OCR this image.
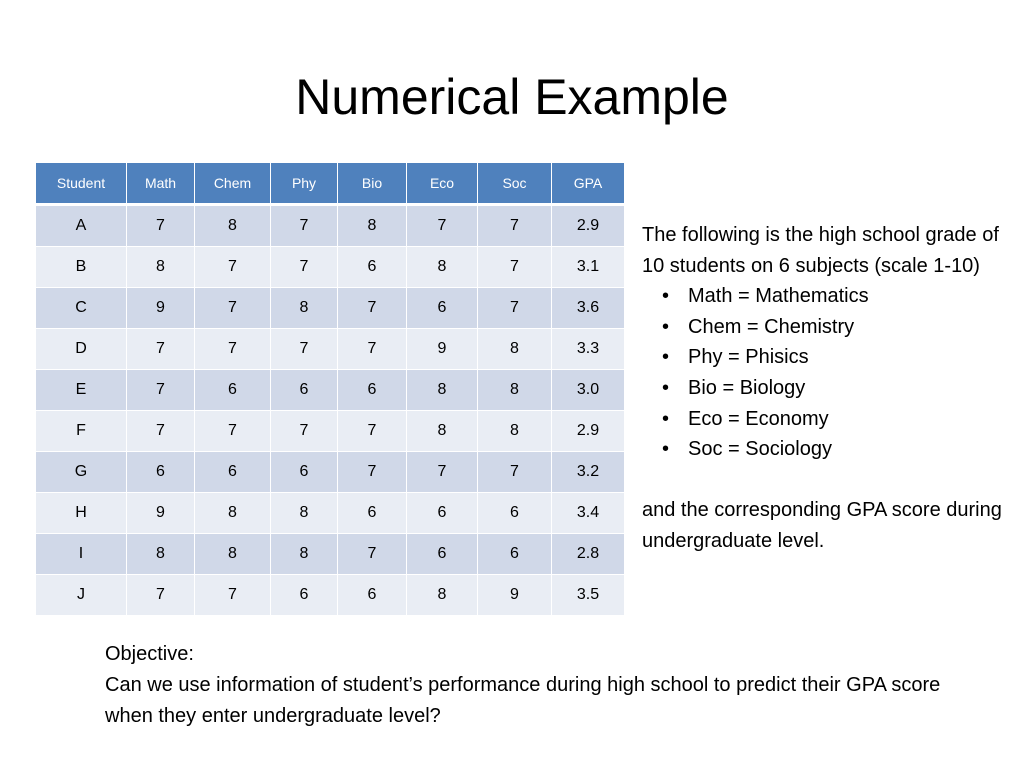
Numerical Example
Student	Math	Chem	Phy	Bio	Eco	Soc	GPA
A	7	8	7	8	7	7	2.9
B	8	7	7	6	8	7	3.1
C	9	7	8	7	6	7	3.6
D	7	7	7	7	9	8	3.3
E	7	6	6	6	8	8	3.0
F	7	7	7	7	8	8	2.9
G	6	6	6	7	7	7	3.2
H	9	8	8	6	6	6	3.4
I	8	8	8	7	6	6	2.8
J	7	7	6	6	8	9	3.5

The following is the high school grade of 10 students on 6 subjects (scale 1-10)

• Math = Mathematics
• Chem = Chemistry
• Phy = Phisics
• Bio = Biology
• Eco = Economy
• Soc = Sociology

and the corresponding GPA score during undergraduate level.

Objective:

Can we use information of student’s performance during high school to predict their GPA score when they enter undergraduate level?
